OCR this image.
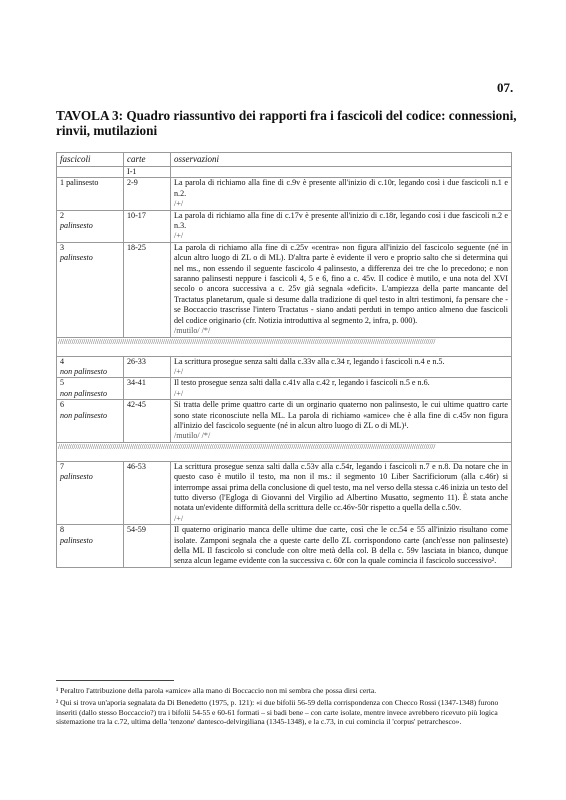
07.
TAVOLA 3: Quadro riassuntivo dei rapporti fra i fascicoli del codice: connessioni, rinvii, mutilazioni
fascicoli	carte	osservazioni
	I-1	
1 palinsesto	2-9	La parola di richiamo alla fine di c.9v è presente all'inizio di c.10r, legando così i due fascicoli n.1 e n.2.
/+/

2
palinsesto	10-17	La parola di richiamo alla fine di c.17v è presente all'inizio di c.18r, legando così i due fascicoli n.2 e n.3.
/+/

3
palinsesto	18-25	La parola di richiamo alla fine di c.25v «centra» non figura all'inizio del fascicolo seguente (né in alcun altro luogo di ZL o di ML). D'altra parte è evidente il vero e proprio salto che si determina qui nel ms., non essendo il seguente fascicolo 4 palinsesto, a differenza dei tre che lo precedono; e non saranno palinsesti neppure i fascicoli 4, 5 e 6, fino a c. 45v. Il codice è mutilo, e una nota del XVI secolo o ancora successiva a c. 25v già segnala «deficit». L'ampiezza della parte mancante del Tractatus planetarum, quale si desume dalla tradizione di quel testo in altri testimoni, fa pensare che - se Boccaccio trascrisse l'intero Tractatus - siano andati perduti in tempo antico almeno due fascicoli del codice originario (cfr. Notizia introduttiva al segmento 2, infra, p. 000).
/mutilo/ /*/

//////////////////////////////////////////////////////////////////////////////////////////////////////////////////////////////////////////////////////////////////////////////////////////////////		
4
non palinsesto	26-33	La scrittura prosegue senza salti dalla c.33v alla c.34 r, legando i fascicoli n.4 e n.5.
/+/

5
non palinsesto	34-41	Il testo prosegue senza salti dalla c.41v alla c.42 r, legando i fascicoli n.5 e n.6.
/+/

6
non palinsesto	42-45	Si tratta delle prime quattro carte di un orginario quaterno non palinsesto, le cui ultime quattro carte sono state riconosciute nella ML. La parola di richiamo «amice» che è alla fine di c.45v non figura all'inizio del fascicolo seguente (né in alcun altro luogo di ZL o di ML)¹.
/mutilo/ /*/

//////////////////////////////////////////////////////////////////////////////////////////////////////////////////////////////////////////////////////////////////////////////////////////////////		
7
palinsesto	46-53	La scrittura prosegue senza salti dalla c.53v alla c.54r, legando i fascicoli n.7 e n.8. Da notare che in questo caso è mutilo il testo, ma non il ms.: il segmento 10 Liber Sacrificiorum (alla c.46r) si interrompe assai prima della conclusione di quel testo, ma nel verso della stessa c.46 inizia un testo del tutto diverso (l'Egloga di Giovanni del Virgilio ad Albertino Musatto, segmento 11). È stata anche notata un'evidente difformità della scrittura delle cc.46v-50r rispetto a quella della c.50v.
/+/

8
palinsesto	54-59	Il quaterno originario manca delle ultime due carte, così che le cc.54 e 55 all'inizio risultano come isolate. Zamponi segnala che a queste carte dello ZL corrispondono carte (anch'esse non palinseste) della ML Il fascicolo si conclude con oltre metà della col. B della c. 59v lasciata in bianco, dunque senza alcun legame evidente con la successiva c. 60r con la quale comincia il fascicolo successivo².
¹ Peraltro l'attribuzione della parola «amice» alla mano di Boccaccio non mi sembra che possa dirsi certa.
² Qui si trova un'aporia segnalata da Di Benedetto (1975, p. 121): «i due bifolii 56-59 della corrispondenza con Checco Rossi (1347-1348) furono inseriti (dallo stesso Boccaccio?) tra i bifolii 54-55 e 60-61 formati – si badi bene – con carte isolate, mentre invece avrebbero ricevuto più logica sistemazione tra la c.72, ultima della 'tenzone' dantesco-delvirgiliana (1345-1348), e la c.73, in cui comincia il 'corpus' petrarchesco».
